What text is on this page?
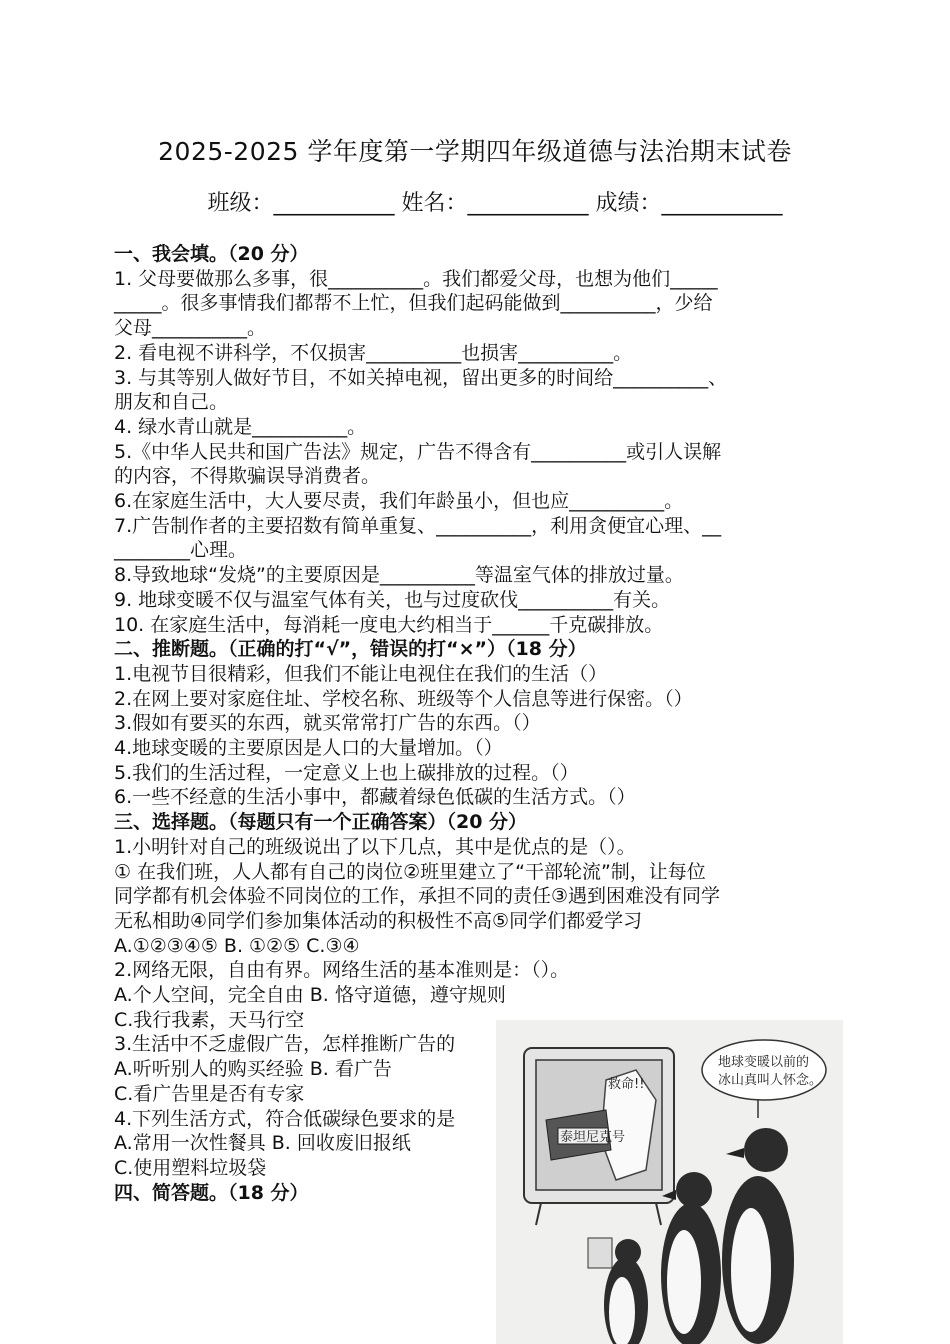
2025-2025 学年度第一学期四年级道德与法治期末试卷
班级：___________ 姓名：___________ 成绩：___________
一、我会填。（20 分）
1. 父母要做那么多事，很__________。我们都爱父母，也想为他们_____
_____。很多事情我们都帮不上忙，但我们起码能做到__________，少给
父母__________。
2. 看电视不讲科学，不仅损害__________也损害__________。
3. 与其等别人做好节目，不如关掉电视，留出更多的时间给__________、
朋友和自己。
4. 绿水青山就是__________。
5.《中华人民共和国广告法》规定，广告不得含有__________或引人误解
的内容，不得欺骗误导消费者。
6.在家庭生活中，大人要尽责，我们年龄虽小，但也应__________。
7.广告制作者的主要招数有简单重复、__________，利用贪便宜心理、__
________心理。
8.导致地球“发烧”的主要原因是__________等温室气体的排放过量。
9. 地球变暖不仅与温室气体有关，也与过度砍伐__________有关。
10. 在家庭生活中，每消耗一度电大约相当于______千克碳排放。
二、推断题。（正确的打“√”，错误的打“×”）（18 分）
1.电视节目很精彩，但我们不能让电视住在我们的生活（）
2.在网上要对家庭住址、学校名称、班级等个人信息等进行保密。（）
3.假如有要买的东西，就买常常打广告的东西。（）
4.地球变暖的主要原因是人口的大量增加。（）
5.我们的生活过程，一定意义上也上碳排放的过程。（）
6.一些不经意的生活小事中，都藏着绿色低碳的生活方式。（）
三、选择题。（每题只有一个正确答案）（20 分）
1.小明针对自己的班级说出了以下几点，其中是优点的是（）。
① 在我们班，人人都有自己的岗位②班里建立了“干部轮流”制，让每位
同学都有机会体验不同岗位的工作，承担不同的责任③遇到困难没有同学
无私相助④同学们参加集体活动的积极性不高⑤同学们都爱学习
A.①②③④⑤ B. ①②⑤ C.③④
2.网络无限，自由有界。网络生活的基本准则是：（）。
A.个人空间，完全自由 B. 恪守道德，遵守规则
C.我行我素，天马行空
3.生活中不乏虚假广告，怎样推断广告的
A.听听别人的购买经验 B. 看广告
C.看广告里是否有专家
4.下列生活方式，符合低碳绿色要求的是
A.常用一次性餐具 B. 回收废旧报纸
C.使用塑料垃圾袋
四、简答题。（18 分）
泰坦尼克号
救命!!
地球变暖以前的
冰山真叫人怀念。
